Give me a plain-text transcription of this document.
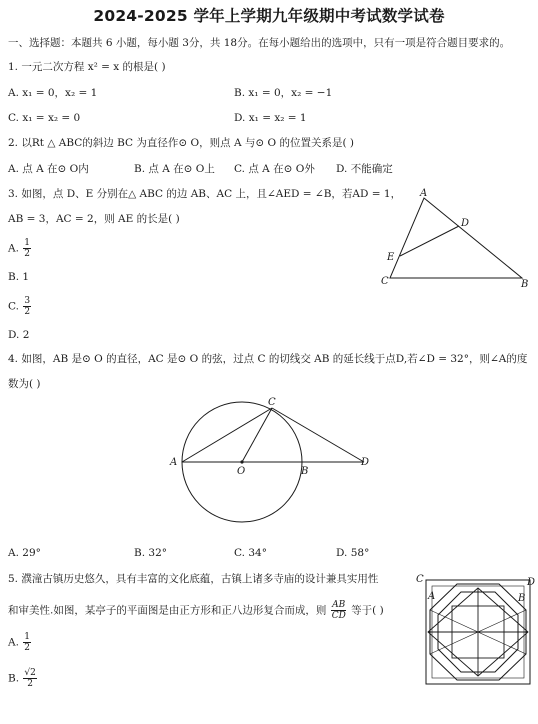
2024-2025 学年上学期九年级期中考试数学试卷
一、选择题：本题共 6 小题，每小题 3分，共 18分。在每小题给出的选项中，只有一项是符合题目要求的。
1. 一元二次方程 x² = x 的根是( )
A. x₁ = 0，x₂ = 1	B. x₁ = 0，x₂ = −1
C. x₁ = x₂ = 0	D. x₁ = x₂ = 1
2. 以Rt △ ABC的斜边 BC 为直径作⊙ O，则点 A 与⊙ O 的位置关系是( )
A. 点 A 在⊙ O内	B. 点 A 在⊙ O上 C. 点 A 在⊙ O外 D. 不能确定
3. 如图，点 D、E 分别在△ ABC 的边 AB、AC 上，且∠AED = ∠B，若AD = 1，
AB = 3，AC = 2，则 AE 的长是( )
A. $\frac{1}{2}$
B. 1
C. $\frac{3}{2}$
D. 2
A
D
E
C	B
4. 如图，AB 是⊙ O 的直径，AC 是⊙ O 的弦，过点 C 的切线交 AB 的延长线于点D,若∠D = 32°，则∠A的度
数为( )
A
C
O	B
D
A. 29°	B. 32°	C. 34°	D. 58°
5. 濮潼古镇历史悠久，具有丰富的文化底蕴，古镇上诸多寺庙的设计兼具实用性
和审美性.如图，某亭子的平面图是由正方形和正八边形复合而成，则 $\frac{AB}{CD}$ 等于( )
A. $\frac{1}{2}$
B. $\frac{√2}{2}$
C	D
A	B
